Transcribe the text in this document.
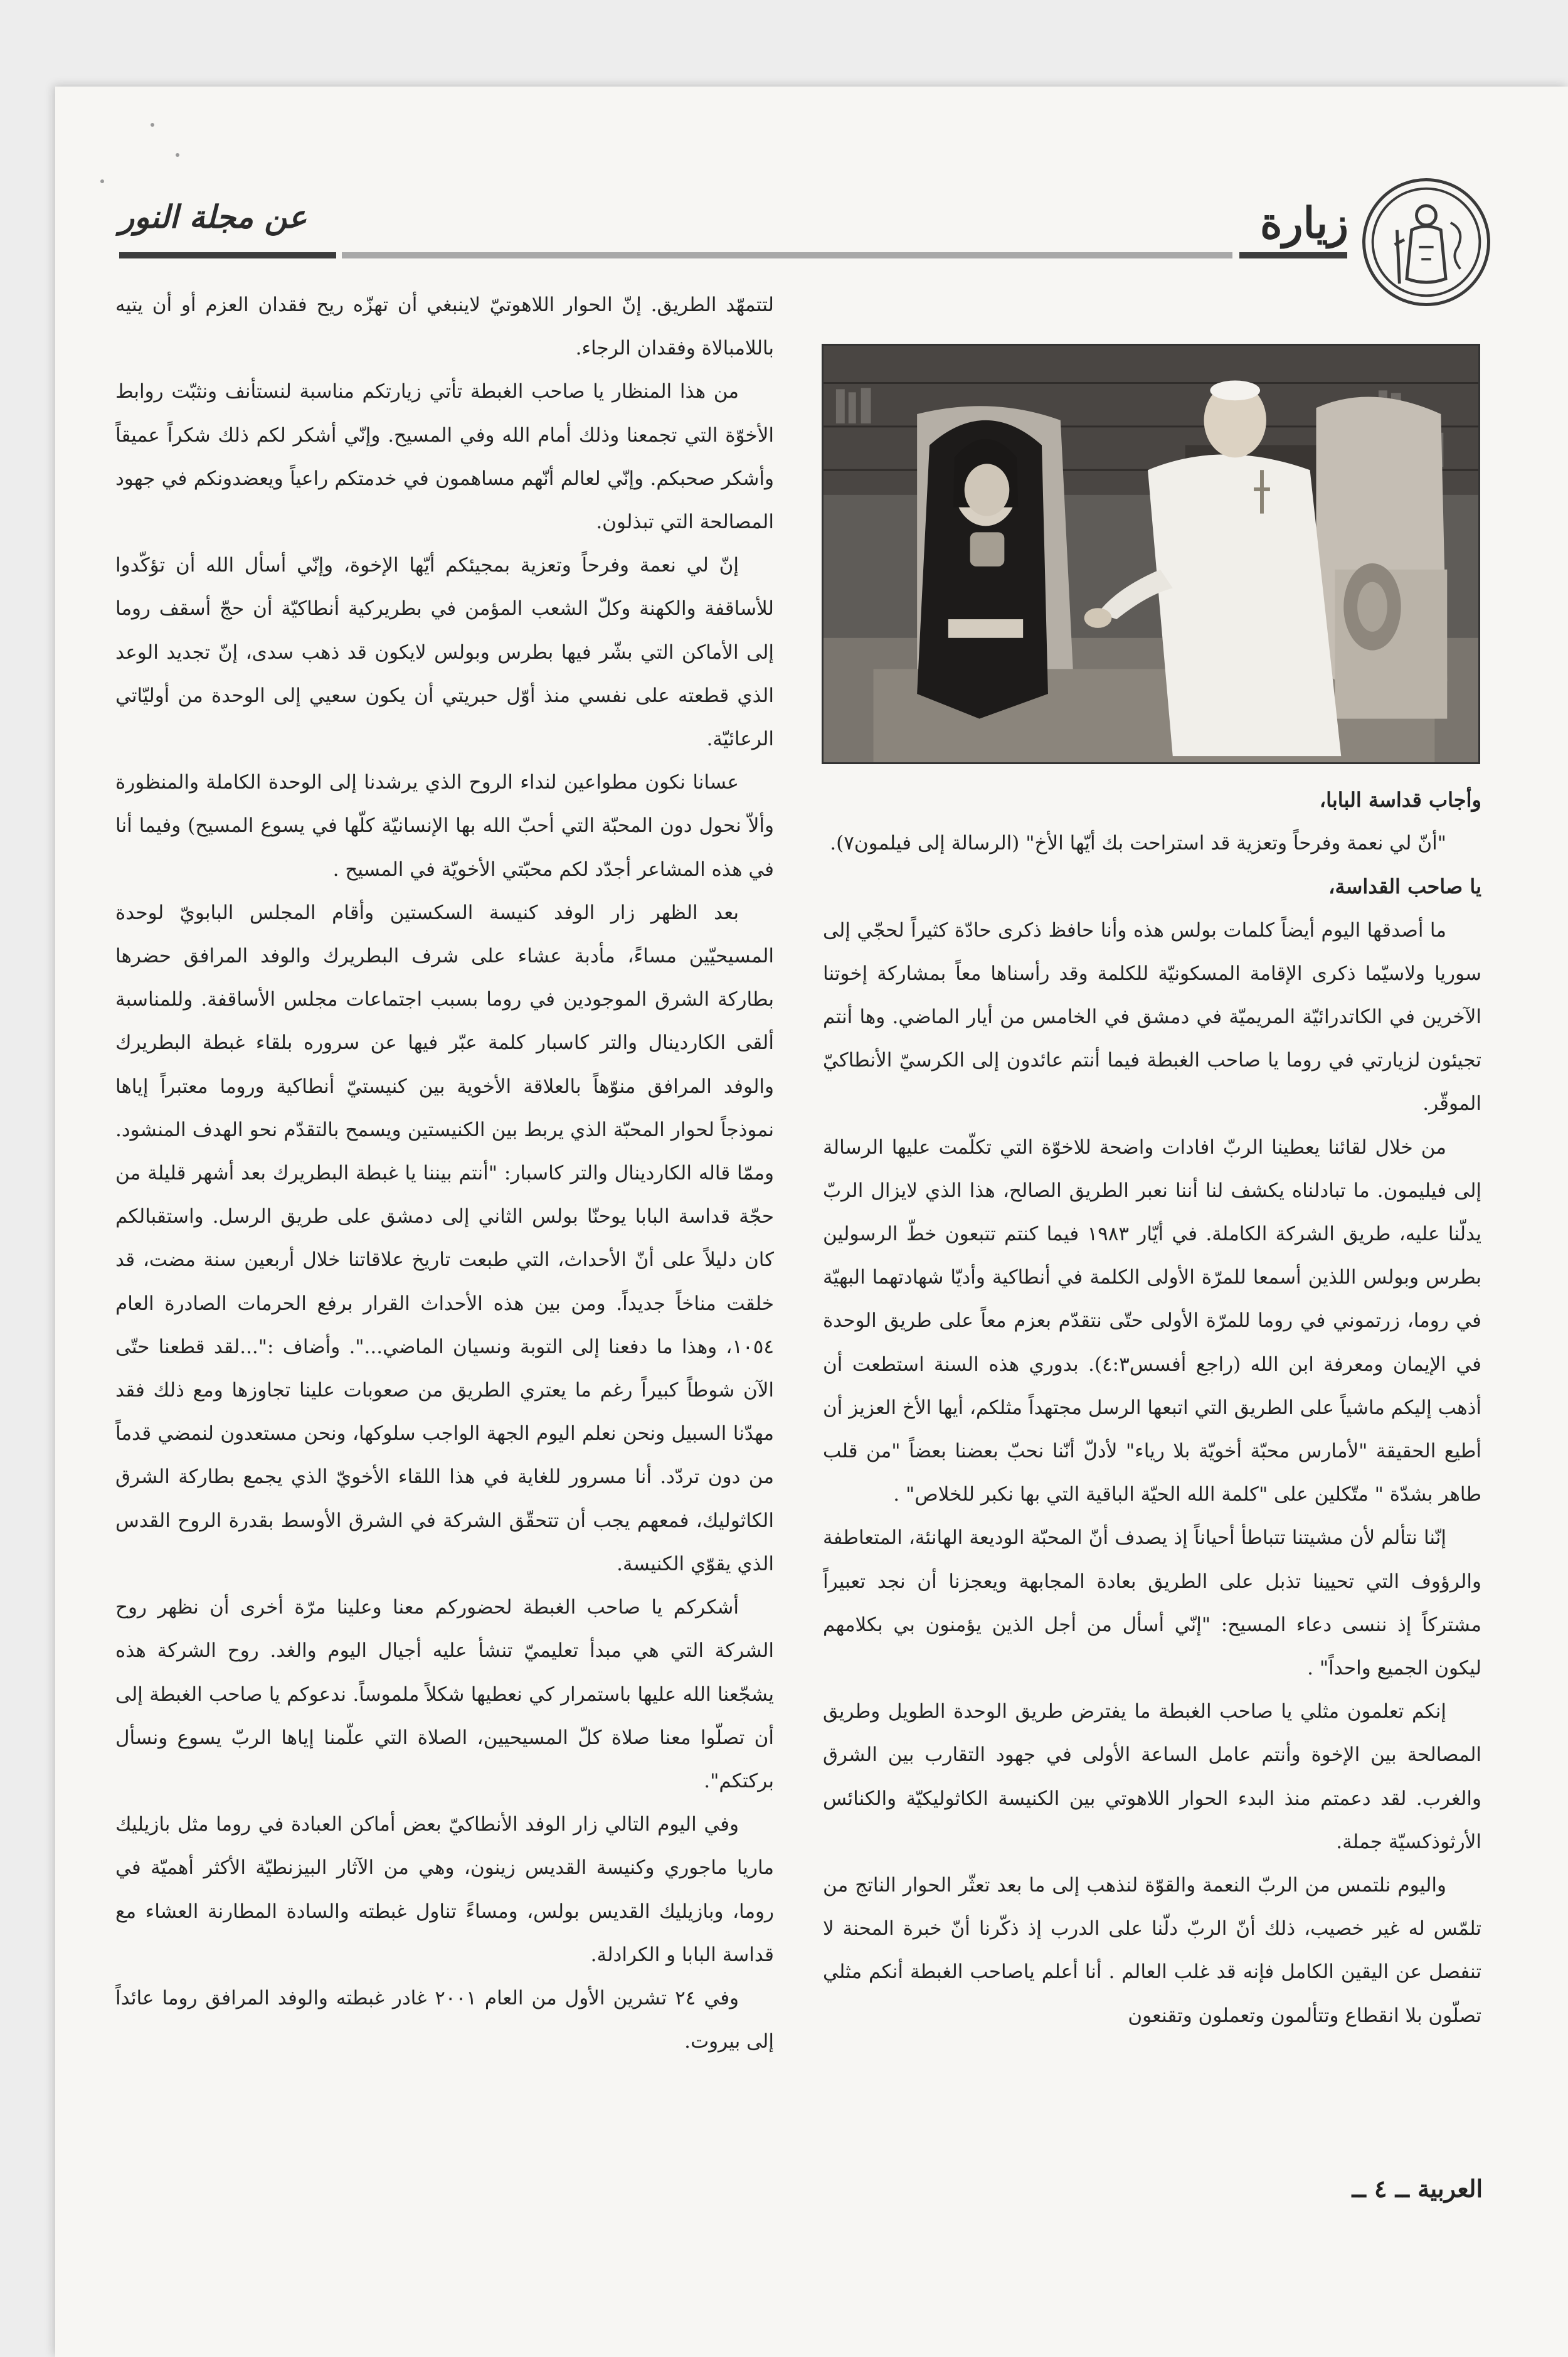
زيارة
عن مجلة النور

لتتمهّد الطريق. إنّ الحوار اللاهوتيّ لاينبغي أن تهزّه ريح فقدان العزم أو أن يتيه باللامبالاة وفقدان الرجاء.

من هذا المنظار يا صاحب الغبطة تأتي زيارتكم مناسبة لنستأنف ونثبّت روابط الأخوّة التي تجمعنا وذلك أمام الله وفي المسيح. وإنّي أشكر لكم ذلك شكراً عميقاً وأشكر صحبكم. وإنّي لعالم أنّهم مساهمون في خدمتكم راعياً ويعضدونكم في جهود المصالحة التي تبذلون.

إنّ لي نعمة وفرحاً وتعزية بمجيئكم أيّها الإخوة، وإنّي أسأل الله أن تؤكّدوا للأساقفة والكهنة وكلّ الشعب المؤمن في بطريركية أنطاكيّة أن حجّ أسقف روما إلى الأماكن التي بشّر فيها بطرس وبولس لايكون قد ذهب سدى، إنّ تجديد الوعد الذي قطعته على نفسي منذ أوّل حبريتي أن يكون سعيي إلى الوحدة من أوليّاتي الرعائيّة.

عسانا نكون مطواعين لنداء الروح الذي يرشدنا إلى الوحدة الكاملة والمنظورة وألاّ نحول دون المحبّة التي أحبّ الله بها الإنسانيّة كلّها في يسوع المسيح) وفيما أنا في هذه المشاعر أجدّد لكم محبّتي الأخويّة في المسيح .

بعد الظهر زار الوفد كنيسة السكستين وأقام المجلس البابويّ لوحدة المسيحيّين مساءً، مأدبة عشاء على شرف البطريرك والوفد المرافق حضرها بطاركة الشرق الموجودين في روما بسبب اجتماعات مجلس الأساقفة. وللمناسبة ألقى الكاردينال والتر كاسبار كلمة عبّر فيها عن سروره بلقاء غبطة البطريرك والوفد المرافق منوّهاً بالعلاقة الأخوية بين كنيستيّ أنطاكية وروما معتبراً إياها نموذجاً لحوار المحبّة الذي يربط بين الكنيستين ويسمح بالتقدّم نحو الهدف المنشود. وممّا قاله الكاردينال والتر كاسبار: "أنتم بيننا يا غبطة البطريرك بعد أشهر قليلة من حجّة قداسة البابا يوحنّا بولس الثاني إلى دمشق على طريق الرسل. واستقبالكم كان دليلاً على أنّ الأحداث، التي طبعت تاريخ علاقاتنا خلال أربعين سنة مضت، قد خلقت مناخاً جديداً. ومن بين هذه الأحداث القرار برفع الحرمات الصادرة العام ١٠٥٤، وهذا ما دفعنا إلى التوبة ونسيان الماضي...". وأضاف :"...لقد قطعنا حتّى الآن شوطاً كبيراً رغم ما يعتري الطريق من صعوبات علينا تجاوزها ومع ذلك فقد مهدّنا السبيل ونحن نعلم اليوم الجهة الواجب سلوكها، ونحن مستعدون لنمضي قدماً من دون تردّد. أنا مسرور للغاية في هذا اللقاء الأخويّ الذي يجمع بطاركة الشرق الكاثوليك، فمعهم يجب أن تتحقّق الشركة في الشرق الأوسط بقدرة الروح القدس الذي يقوّي الكنيسة.

أشكركم يا صاحب الغبطة لحضوركم معنا وعلينا مرّة أخرى أن نظهر روح الشركة التي هي مبدأ تعليميّ تنشأ عليه أجيال اليوم والغد. روح الشركة هذه يشجّعنا الله عليها باستمرار كي نعطيها شكلاً ملموساً. ندعوكم يا صاحب الغبطة إلى أن تصلّوا معنا صلاة كلّ المسيحيين، الصلاة التي علّمنا إياها الربّ يسوع ونسأل بركتكم".

وفي اليوم التالي زار الوفد الأنطاكيّ بعض أماكن العبادة في روما مثل بازيليك ماريا ماجوري وكنيسة القديس زينون، وهي من الآثار البيزنطيّة الأكثر أهميّة في روما، وبازيليك القديس بولس، ومساءً تناول غبطته والسادة المطارنة العشاء مع قداسة البابا و الكرادلة.

وفي ٢٤ تشرين الأول من العام ٢٠٠١ غادر غبطته والوفد المرافق روما عائداً إلى بيروت.

وأجاب قداسة البابا،

"أنّ لي نعمة وفرحاً وتعزية قد استراحت بك أيّها الأخ" (الرسالة إلى فيلمون٧).

يا صاحب القداسة،

ما أصدقها اليوم أيضاً كلمات بولس هذه وأنا حافظ ذكرى حادّة كثيراً لحجّي إلى سوريا ولاسيّما ذكرى الإقامة المسكونيّة للكلمة وقد رأسناها معاً بمشاركة إخوتنا الآخرين في الكاتدرائيّة المريميّة في دمشق في الخامس من أيار الماضي. وها أنتم تجيئون لزيارتي في روما يا صاحب الغبطة فيما أنتم عائدون إلى الكرسيّ الأنطاكيّ الموقّر.

من خلال لقائنا يعطينا الربّ افادات واضحة للاخوّة التي تكلّمت عليها الرسالة إلى فيليمون. ما تبادلناه يكشف لنا أننا نعبر الطريق الصالح، هذا الذي لايزال الربّ يدلّنا عليه، طريق الشركة الكاملة. في أيّار ١٩٨٣ فيما كنتم تتبعون خطّ الرسولين بطرس وبولس اللذين أسمعا للمرّة الأولى الكلمة في أنطاكية وأديّا شهادتهما البهيّة في روما، زرتموني في روما للمرّة الأولى حتّى نتقدّم بعزم معاً على طريق الوحدة في الإيمان ومعرفة ابن الله (راجع أفسس٤:٣). بدوري هذه السنة استطعت أن أذهب إليكم ماشياً على الطريق التي اتبعها الرسل مجتهداً مثلكم، أيها الأخ العزيز أن أطيع الحقيقة "لأمارس محبّة أخويّة بلا رياء" لأدلّ أنّنا نحبّ بعضنا بعضاً "من قلب طاهر بشدّة " متّكلين على "كلمة الله الحيّة الباقية التي بها نكبر للخلاص" .

إنّنا نتألم لأن مشيتنا تتباطأ أحياناً إذ يصدف أنّ المحبّة الوديعة الهانئة، المتعاطفة والرؤوف التي تحيينا تذبل على الطريق بعادة المجابهة ويعجزنا أن نجد تعبيراً مشتركاً إذ ننسى دعاء المسيح: "إنّي أسأل من أجل الذين يؤمنون بي بكلامهم ليكون الجميع واحداً" .

إنكم تعلمون مثلي يا صاحب الغبطة ما يفترض طريق الوحدة الطويل وطريق المصالحة بين الإخوة وأنتم عامل الساعة الأولى في جهود التقارب بين الشرق والغرب. لقد دعمتم منذ البدء الحوار اللاهوتي بين الكنيسة الكاثوليكيّة والكنائس الأرثوذكسيّة جملة.

واليوم نلتمس من الربّ النعمة والقوّة لنذهب إلى ما بعد تعثّر الحوار الناتج من تلمّس له غير خصيب، ذلك أنّ الربّ دلّنا على الدرب إذ ذكّرنا أنّ خبرة المحنة لا تنفصل عن اليقين الكامل فإنه قد غلب العالم . أنا أعلم ياصاحب الغبطة أنكم مثلي تصلّون بلا انقطاع وتتألمون وتعملون وتقنعون

العربية ــ ٤ ــ
